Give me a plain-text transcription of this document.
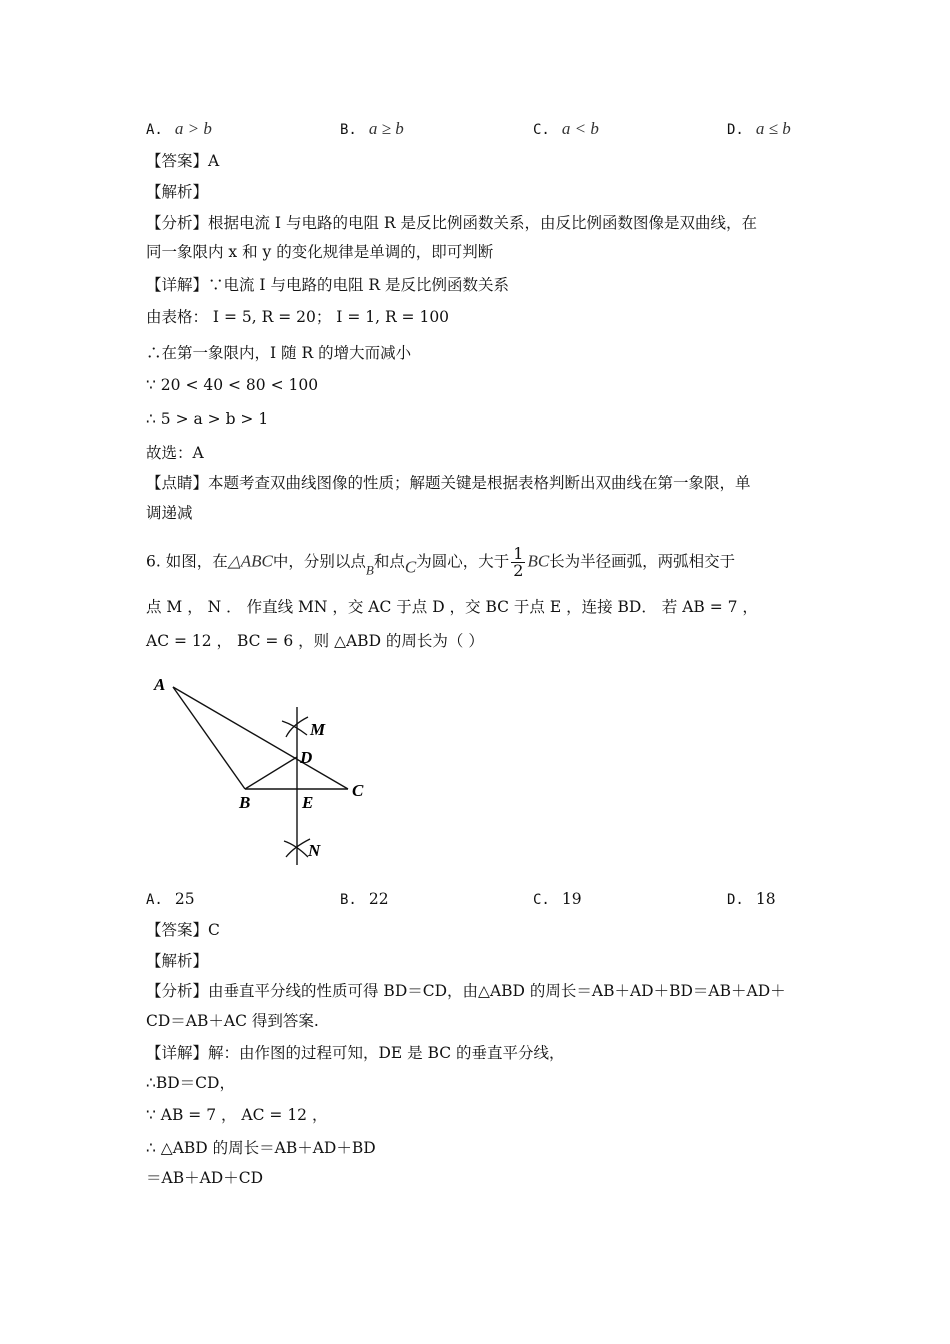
A. a > b	B. a ≥ b	C. a < b	D. a ≤ b
【答案】A
【解析】
【分析】根据电流 I 与电路的电阻 R 是反比例函数关系，由反比例函数图像是双曲线，在
同一象限内 x 和 y 的变化规律是单调的，即可判断
【详解】∵电流 I 与电路的电阻 R 是反比例函数关系
由表格： I = 5, R = 20； I = 1, R = 100
∴在第一象限内，I 随 R 的增大而减小
∵ 20 < 40 < 80 < 100
∴ 5 > a > b > 1
故选：A
【点睛】本题考查双曲线图像的性质；解题关键是根据表格判断出双曲线在第一象限，单
调递减
6. 如图，在△ABC中，分别以点$_B$和点C为圆心，大于 $\frac{1}{2}$ BC长为半径画弧，两弧相交于
点 M ， N ． 作直线 MN ，交 AC 于点 D ，交 BC 于点 E ，连接 BD． 若 AB = 7 ，
AC = 12 ， BC = 6 ，则 △ABD 的周长为（ ）
A
M
D
C
B	E
N
A. 25	B. 22	C. 19	D. 18
【答案】C
【解析】
【分析】由垂直平分线的性质可得 BD＝CD，由△ABD 的周长＝AB＋AD＋BD＝AB＋AD＋
CD＝AB＋AC 得到答案.
【详解】解：由作图的过程可知，DE 是 BC 的垂直平分线，
∴BD＝CD，
∵ AB = 7 ， AC = 12 ，
∴ △ABD 的周长＝AB＋AD＋BD
＝AB＋AD＋CD
